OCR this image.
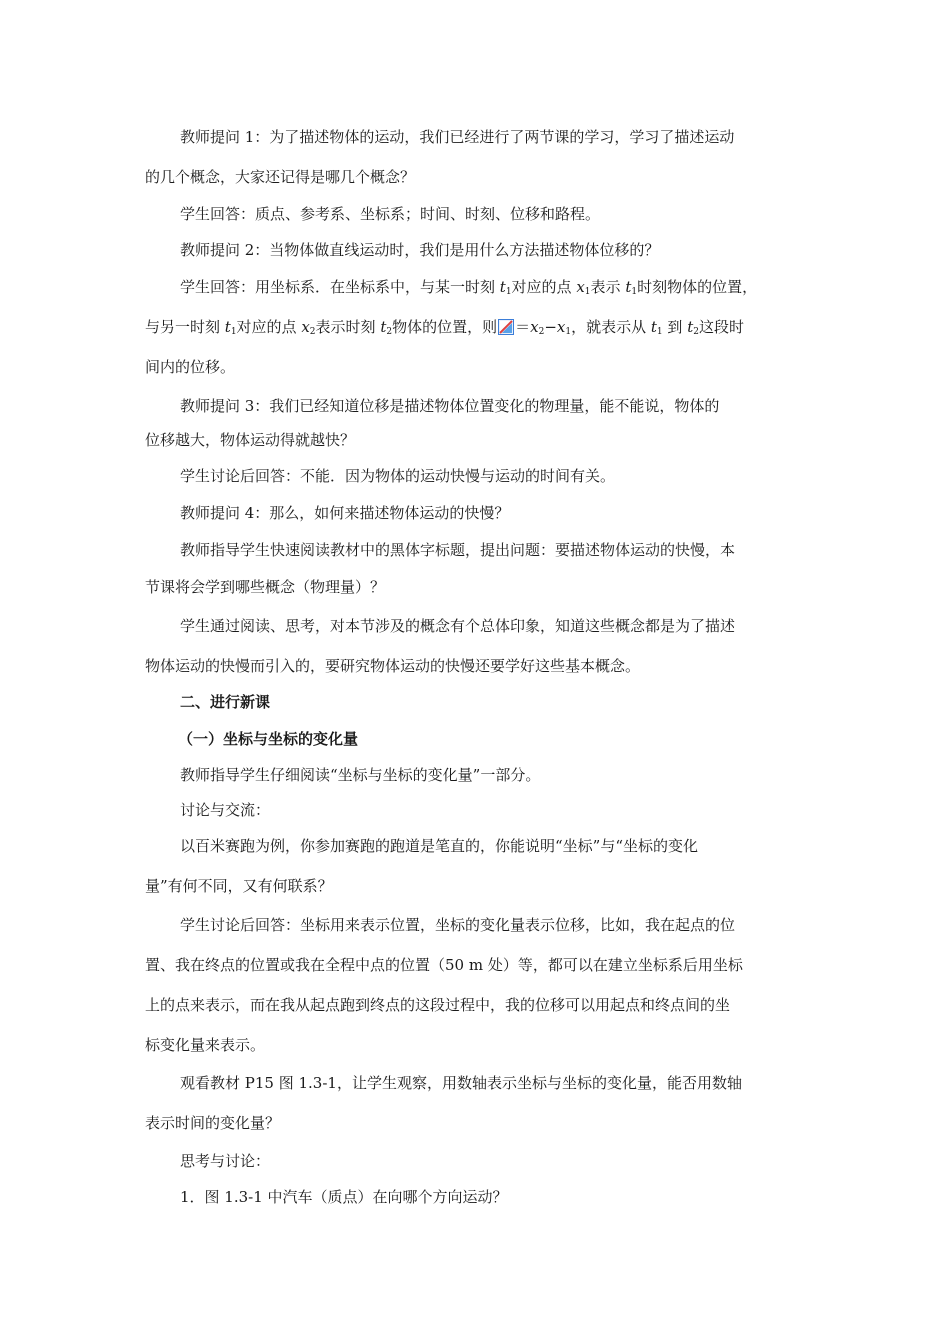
教师提问 1：为了描述物体的运动，我们已经进行了两节课的学习，学习了描述运动
的几个概念，大家还记得是哪几个概念？
学生回答：质点、参考系、坐标系；时间、时刻、位移和路程。
教师提问 2：当物体做直线运动时，我们是用什么方法描述物体位移的？
学生回答：用坐标系．在坐标系中，与某一时刻 $t_1$对应的点 $x_1$表示 $t_1$时刻物体的位置，
与另一时刻 $t_1$对应的点 $x_2$表示时刻 $t_2$物体的位置，则 $=x_2-x_1$，就表示从 $t_1$ 到 $t_2$这段时
间内的位移。
教师提问 3：我们已经知道位移是描述物体位置变化的物理量，能不能说，物体的
位移越大，物体运动得就越快？
学生讨论后回答：不能．因为物体的运动快慢与运动的时间有关。
教师提问 4：那么，如何来描述物体运动的快慢？
教师指导学生快速阅读教材中的黑体字标题，提出问题：要描述物体运动的快慢，本
节课将会学到哪些概念（物理量）？
学生通过阅读、思考，对本节涉及的概念有个总体印象，知道这些概念都是为了描述
物体运动的快慢而引入的，要研究物体运动的快慢还要学好这些基本概念。
二、进行新课
（一）坐标与坐标的变化量
教师指导学生仔细阅读“坐标与坐标的变化量”一部分。
讨论与交流：
以百米赛跑为例，你参加赛跑的跑道是笔直的，你能说明“坐标”与“坐标的变化
量”有何不同，又有何联系？
学生讨论后回答：坐标用来表示位置，坐标的变化量表示位移，比如，我在起点的位
置、我在终点的位置或我在全程中点的位置（50 m 处）等，都可以在建立坐标系后用坐标
上的点来表示，而在我从起点跑到终点的这段过程中，我的位移可以用起点和终点间的坐
标变化量来表示。
观看教材 P15 图 1.3-1，让学生观察，用数轴表示坐标与坐标的变化量，能否用数轴
表示时间的变化量？
思考与讨论：
1．图 1.3-1 中汽车（质点）在向哪个方向运动？
